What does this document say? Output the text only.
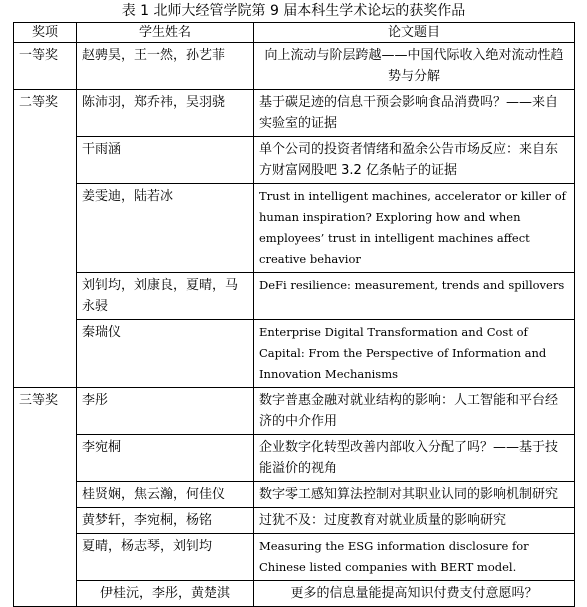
表 1 北师大经管学院第 9 届本科生学术论坛的获奖作品
奖项	学生姓名	论文题目
一等奖	赵骋昊，王一然，孙艺菲	向上流动与阶层跨越——中国代际收入绝对流动性趋势与分解
二等奖	陈沛羽，郑乔祎，吴羽骁	基于碳足迹的信息干预会影响食品消费吗？——来自实验室的证据
	干雨涵	单个公司的投资者情绪和盈余公告市场反应：来自东方财富网股吧 3.2 亿条帖子的证据
	姜雯迪，陆若冰	Trust in intelligent machines, accelerator or killer of human inspiration? Exploring how and when employees’ trust in intelligent machines affect creative behavior
	刘钊均，刘康良，夏晴，马永骎	DeFi resilience: measurement, trends and spillovers
	秦瑞仪	Enterprise Digital Transformation and Cost of Capital: From the Perspective of Information and Innovation Mechanisms
三等奖	李彤	数字普惠金融对就业结构的影响：人工智能和平台经济的中介作用
	李宛桐	企业数字化转型改善内部收入分配了吗？——基于技能溢价的视角
	桂贤娴，焦云瀚，何佳仪	数字零工感知算法控制对其职业认同的影响机制研究
	黄梦轩，李宛桐，杨铭	过犹不及：过度教育对就业质量的影响研究
	夏晴，杨志琴，刘钊均	Measuring the ESG information disclosure for Chinese listed companies with BERT model.
	伊桂沅，李彤，黄楚淇	更多的信息量能提高知识付费支付意愿吗？
